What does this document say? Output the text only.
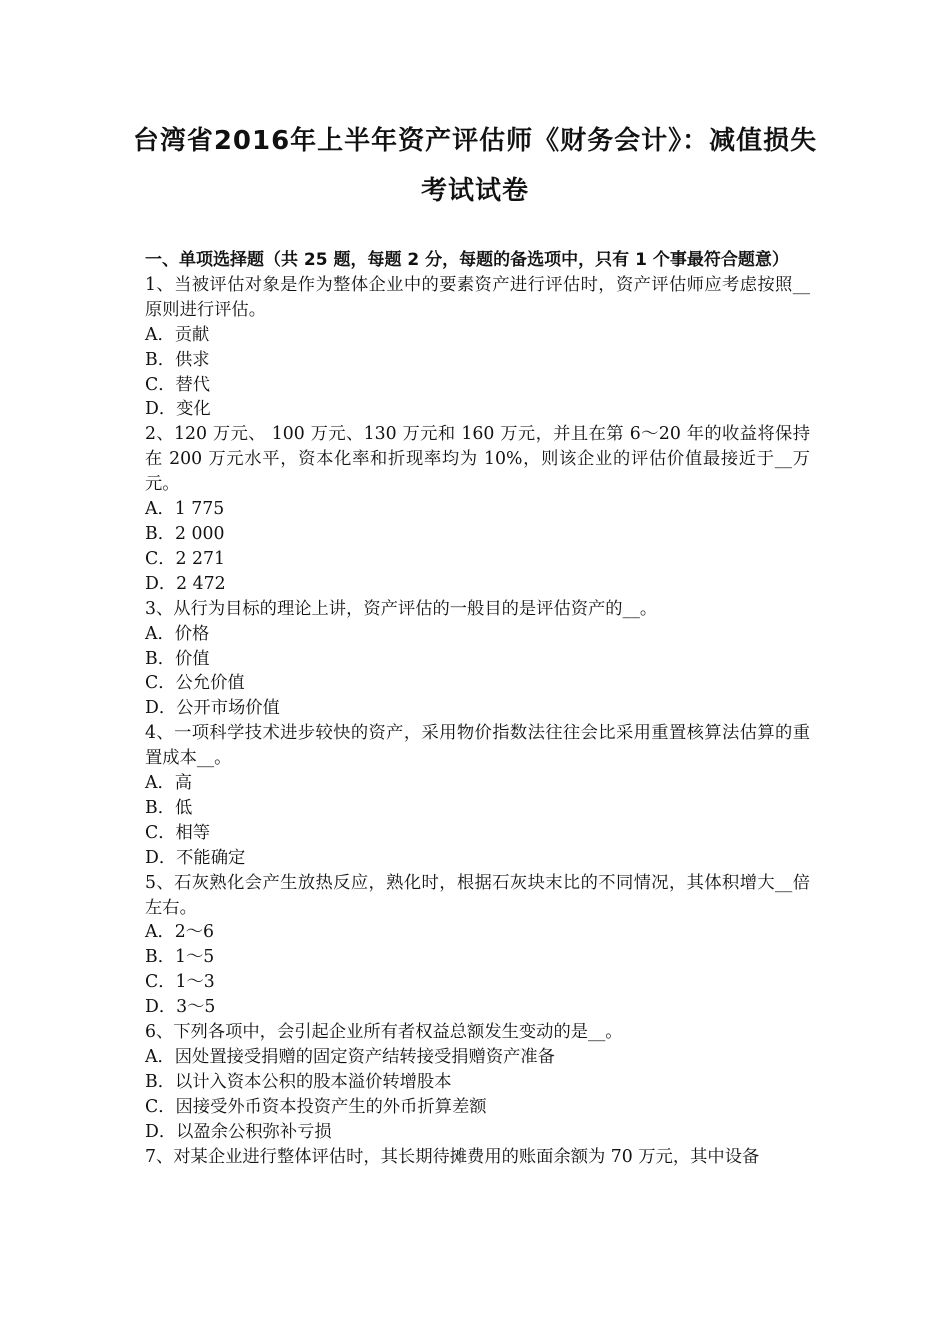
台湾省2016年上半年资产评估师《财务会计》：减值损失
考试试卷

一、单项选择题（共 25 题，每题 2 分，每题的备选项中，只有 1 个事最符合题意）

1、当被评估对象是作为整体企业中的要素资产进行评估时，资产评估师应考虑按照__原则进行评估。

A．贡献

B．供求

C．替代

D．变化

2、120 万元、 100 万元、130 万元和 160 万元，并且在第 6～20 年的收益将保持在 200 万元水平，资本化率和折现率均为 10%，则该企业的评估价值最接近于__万元。

A．1 775

B．2 000

C．2 271

D．2 472

3、从行为目标的理论上讲，资产评估的一般目的是评估资产的__。

A．价格

B．价值

C．公允价值

D．公开市场价值

4、一项科学技术进步较快的资产，采用物价指数法往往会比采用重置核算法估算的重置成本__。

A．高

B．低

C．相等

D．不能确定

5、石灰熟化会产生放热反应，熟化时，根据石灰块末比的不同情况，其体积增大__倍左右。

A．2～6

B．1～5

C．1～3

D．3～5

6、下列各项中，会引起企业所有者权益总额发生变动的是__。

A．因处置接受捐赠的固定资产结转接受捐赠资产准备

B．以计入资本公积的股本溢价转增股本

C．因接受外币资本投资产生的外币折算差额

D．以盈余公积弥补亏损

7、对某企业进行整体评估时，其长期待摊费用的账面余额为 70 万元，其中设备
